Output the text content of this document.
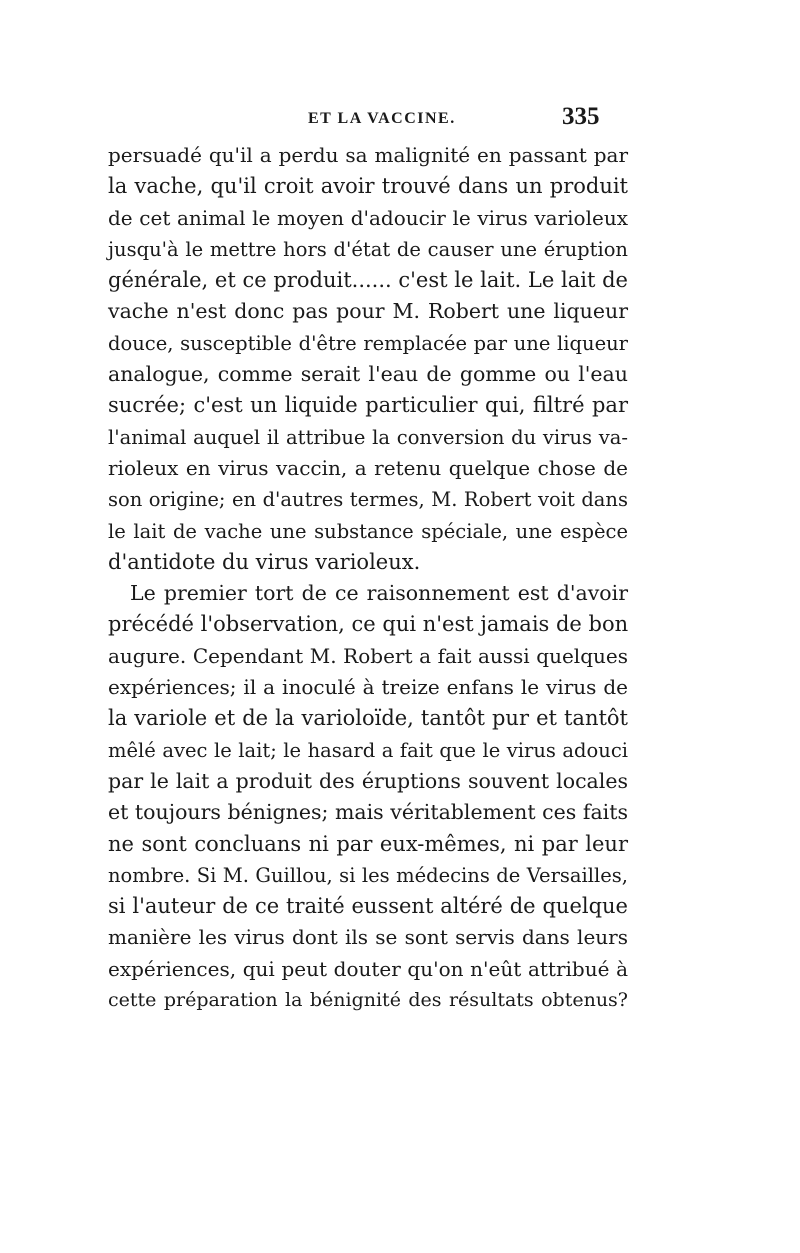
ET LA VACCINE.	335
persuadé qu'il a perdu sa malignité en passant par
la vache, qu'il croit avoir trouvé dans un produit
de cet animal le moyen d'adoucir le virus varioleux
jusqu'à le mettre hors d'état de causer une éruption
générale, et ce produit...... c'est le lait. Le lait de
vache n'est donc pas pour M. Robert une liqueur
douce, susceptible d'être remplacée par une liqueur
analogue, comme serait l'eau de gomme ou l'eau
sucrée; c'est un liquide particulier qui, filtré par
l'animal auquel il attribue la conversion du virus va-
rioleux en virus vaccin, a retenu quelque chose de
son origine; en d'autres termes, M. Robert voit dans
le lait de vache une substance spéciale, une espèce
d'antidote du virus varioleux.
Le premier tort de ce raisonnement est d'avoir
précédé l'observation, ce qui n'est jamais de bon
augure. Cependant M. Robert a fait aussi quelques
expériences; il a inoculé à treize enfans le virus de
la variole et de la varioloïde, tantôt pur et tantôt
mêlé avec le lait; le hasard a fait que le virus adouci
par le lait a produit des éruptions souvent locales
et toujours bénignes; mais véritablement ces faits
ne sont concluans ni par eux-mêmes, ni par leur
nombre. Si M. Guillou, si les médecins de Versailles,
si l'auteur de ce traité eussent altéré de quelque
manière les virus dont ils se sont servis dans leurs
expériences, qui peut douter qu'on n'eût attribué à
cette préparation la bénignité des résultats obtenus?
